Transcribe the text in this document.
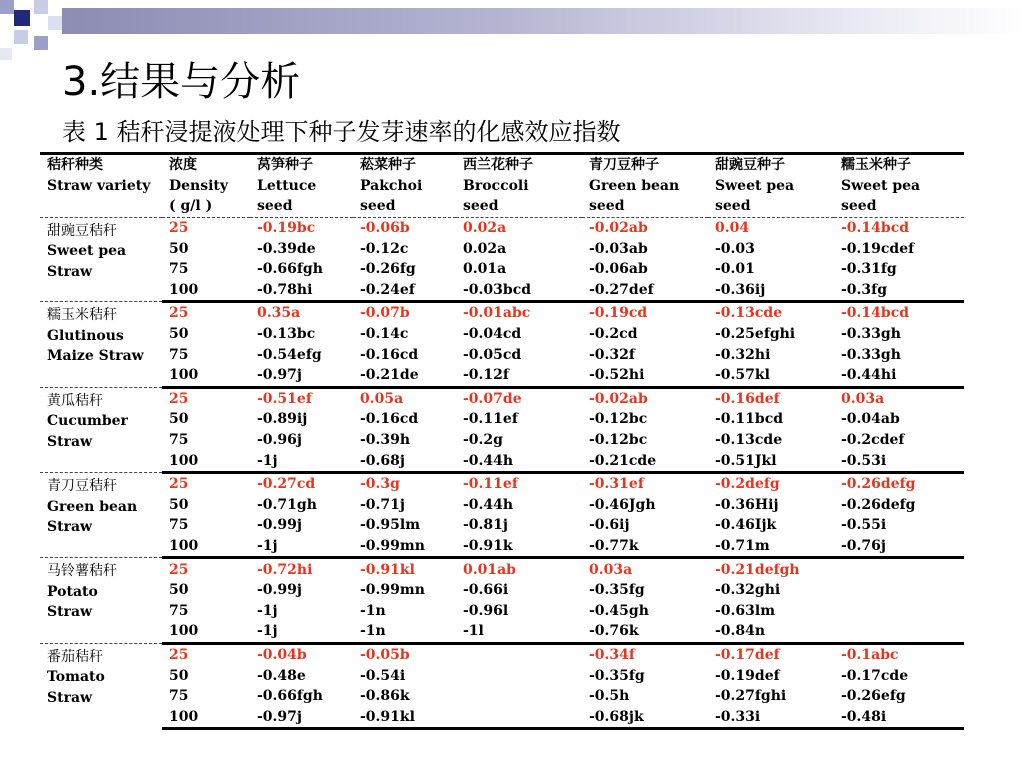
3.结果与分析
表 1 秸秆浸提液处理下种子发芽速率的化感效应指数
秸秆种类	浓度	莴笋种子	菘菜种子	西兰花种子	青刀豆种子	甜豌豆种子	糯玉米种子
Straw variety	Density	Lettuce	Pakchoi	Broccoli	Green bean	Sweet pea	Sweet pea
	( g/l )	seed	seed	seed	seed	seed	seed

甜豌豆秸秆
Sweet pea
Straw	25	-0.19bc	-0.06b	0.02a	-0.02ab	0.04	-0.14bcd
	50	-0.39de	-0.12c	0.02a	-0.03ab	-0.03	-0.19cdef
	75	-0.66fgh	-0.26fg	0.01a	-0.06ab	-0.01	-0.31fg
	100	-0.78hi	-0.24ef	-0.03bcd	-0.27def	-0.36ij	-0.3fg

糯玉米秸秆
Glutinous
Maize Straw	25	0.35a	-0.07b	-0.01abc	-0.19cd	-0.13cde	-0.14bcd
	50	-0.13bc	-0.14c	-0.04cd	-0.2cd	-0.25efghi	-0.33gh
	75	-0.54efg	-0.16cd	-0.05cd	-0.32f	-0.32hi	-0.33gh
	100	-0.97j	-0.21de	-0.12f	-0.52hi	-0.57kl	-0.44hi

黄瓜秸秆
Cucumber
Straw	25	-0.51ef	0.05a	-0.07de	-0.02ab	-0.16def	0.03a
	50	-0.89ij	-0.16cd	-0.11ef	-0.12bc	-0.11bcd	-0.04ab
	75	-0.96j	-0.39h	-0.2g	-0.12bc	-0.13cde	-0.2cdef
	100	-1j	-0.68j	-0.44h	-0.21cde	-0.51Jkl	-0.53i

青刀豆秸秆
Green bean
Straw	25	-0.27cd	-0.3g	-0.11ef	-0.31ef	-0.2defg	-0.26defg
	50	-0.71gh	-0.71j	-0.44h	-0.46Jgh	-0.36Hij	-0.26defg
	75	-0.99j	-0.95lm	-0.81j	-0.6ij	-0.46Ijk	-0.55i
	100	-1j	-0.99mn	-0.91k	-0.77k	-0.71m	-0.76j

马铃薯秸秆
Potato
Straw	25	-0.72hi	-0.91kl	0.01ab	0.03a	-0.21defgh	
	50	-0.99j	-0.99mn	-0.66i	-0.35fg	-0.32ghi	
	75	-1j	-1n	-0.96l	-0.45gh	-0.63lm	
	100	-1j	-1n	-1l	-0.76k	-0.84n	

番茄秸秆
Tomato
Straw	25	-0.04b	-0.05b		-0.34f	-0.17def	-0.1abc
	50	-0.48e	-0.54i		-0.35fg	-0.19def	-0.17cde
	75	-0.66fgh	-0.86k		-0.5h	-0.27fghi	-0.26efg
	100	-0.97j	-0.91kl		-0.68jk	-0.33i	-0.48i
